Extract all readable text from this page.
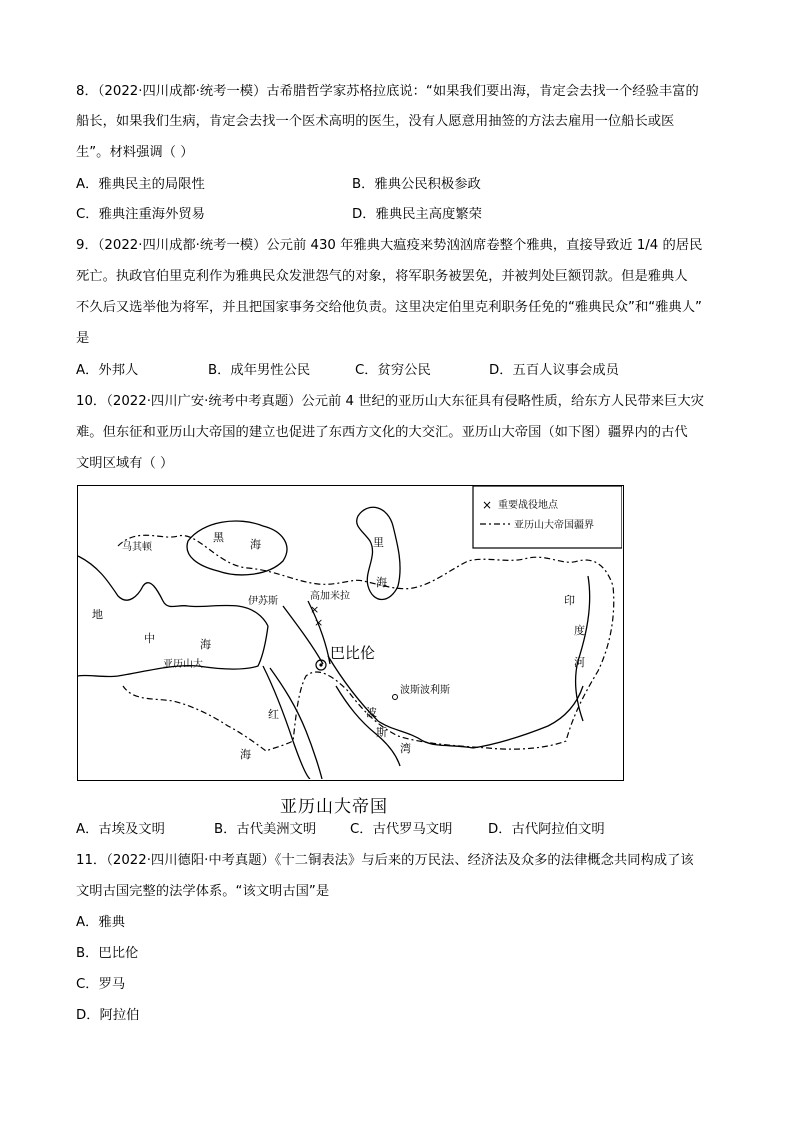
8．（2022·四川成都·统考一模）古希腊哲学家苏格拉底说：“如果我们要出海，肯定会去找一个经验丰富的
船长，如果我们生病，肯定会去找一个医术高明的医生，没有人愿意用抽签的方法去雇用一位船长或医
生”。材料强调（ ）
A．雅典民主的局限性	B．雅典公民积极参政
C．雅典注重海外贸易	D．雅典民主高度繁荣
9．（2022·四川成都·统考一模）公元前 430 年雅典大瘟疫来势汹汹席卷整个雅典，直接导致近 1/4 的居民
死亡。执政官伯里克利作为雅典民众发泄怨气的对象，将军职务被罢免，并被判处巨额罚款。但是雅典人
不久后又选举他为将军，并且把国家事务交给他负责。这里决定伯里克利职务任免的“雅典民众”和“雅典人”
是
A．外邦人	B．成年男性公民	C．贫穷公民	D．五百人议事会成员
10．（2022·四川广安·统考中考真题）公元前 4 世纪的亚历山大东征具有侵略性质，给东方人民带来巨大灾
难。但东征和亚历山大帝国的建立也促进了东西方文化的大交汇。亚历山大帝国（如下图）疆界内的古代
文明区域有（ ）
× 重要战役地点
亚历山大帝国疆界
黑
海	里
海
地
中	海
红
海
波
斯
湾
印
度
河
马其顿
伊苏斯
×
高加米拉
×
巴比伦
亚历山大
波斯波利斯
亚历山大帝国
A．古埃及文明	B．古代美洲文明	C．古代罗马文明	D．古代阿拉伯文明
11．（2022·四川德阳·中考真题）《十二铜表法》与后来的万民法、经济法及众多的法律概念共同构成了该
文明古国完整的法学体系。“该文明古国”是
A．雅典
B．巴比伦
C．罗马
D．阿拉伯
